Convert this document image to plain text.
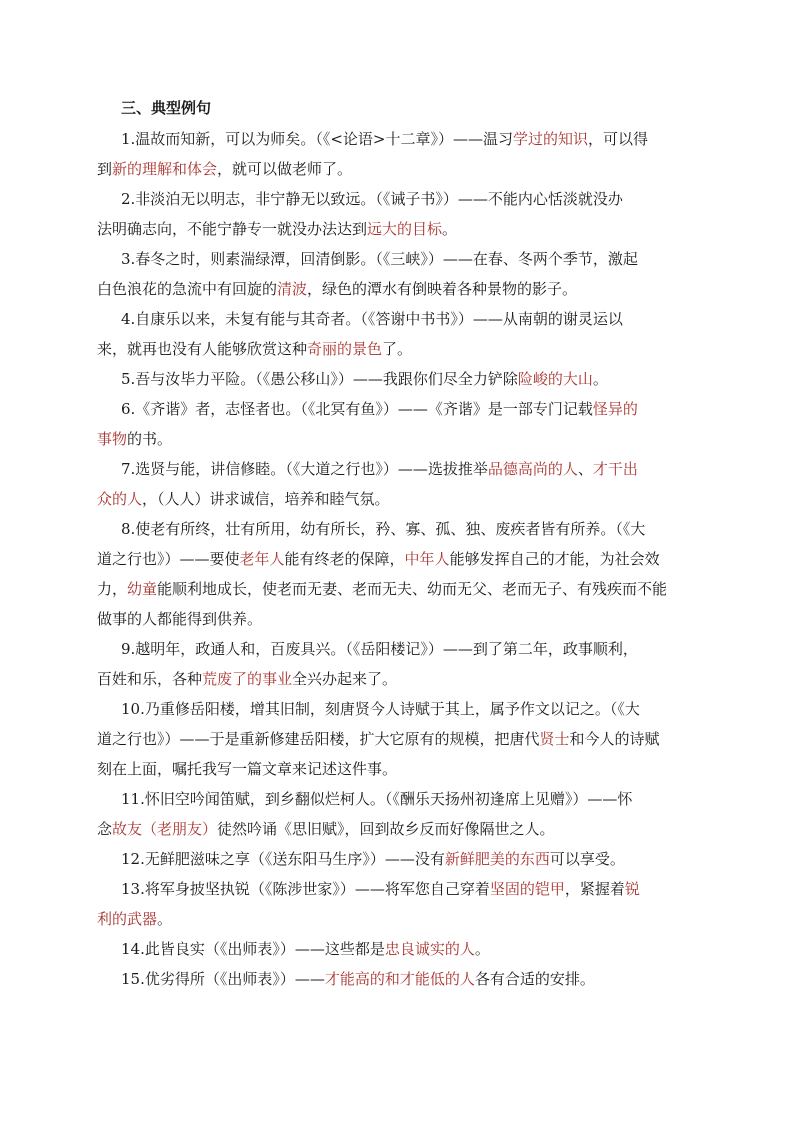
三、典型例句
1.温故而知新，可以为师矣。（《<论语>十二章》）——温习学过的知识，可以得
到新的理解和体会，就可以做老师了。
2.非淡泊无以明志，非宁静无以致远。（《诫子书》）——不能内心恬淡就没办
法明确志向，不能宁静专一就没办法达到远大的目标。
3.春冬之时，则素湍绿潭，回清倒影。（《三峡》）——在春、冬两个季节，激起
白色浪花的急流中有回旋的清波，绿色的潭水有倒映着各种景物的影子。
4.自康乐以来，未复有能与其奇者。（《答谢中书书》）——从南朝的谢灵运以
来，就再也没有人能够欣赏这种奇丽的景色了。
5.吾与汝毕力平险。（《愚公移山》）——我跟你们尽全力铲除险峻的大山。
6.《齐谐》者，志怪者也。（《北冥有鱼》）——《齐谐》是一部专门记载怪异的
事物的书。
7.选贤与能，讲信修睦。（《大道之行也》）——选拔推举品德高尚的人、才干出
众的人，（人人）讲求诚信，培养和睦气氛。
8.使老有所终，壮有所用，幼有所长，矜、寡、孤、独、废疾者皆有所养。（《大
道之行也》）——要使老年人能有终老的保障，中年人能够发挥自己的才能，为社会效
力，幼童能顺利地成长，使老而无妻、老而无夫、幼而无父、老而无子、有残疾而不能
做事的人都能得到供养。
9.越明年，政通人和，百废具兴。（《岳阳楼记》）——到了第二年，政事顺利，
百姓和乐，各种荒废了的事业全兴办起来了。
10.乃重修岳阳楼，增其旧制，刻唐贤今人诗赋于其上，属予作文以记之。（《大
道之行也》）——于是重新修建岳阳楼，扩大它原有的规模，把唐代贤士和今人的诗赋
刻在上面，嘱托我写一篇文章来记述这件事。
11.怀旧空吟闻笛赋，到乡翻似烂柯人。（《酬乐天扬州初逢席上见赠》）——怀
念故友（老朋友）徒然吟诵《思旧赋》，回到故乡反而好像隔世之人。
12.无鲜肥滋味之享（《送东阳马生序》）——没有新鲜肥美的东西可以享受。
13.将军身披坚执锐（《陈涉世家》）——将军您自己穿着坚固的铠甲，紧握着锐
利的武器。
14.此皆良实（《出师表》）——这些都是忠良诚实的人。
15.优劣得所（《出师表》）——才能高的和才能低的人各有合适的安排。
